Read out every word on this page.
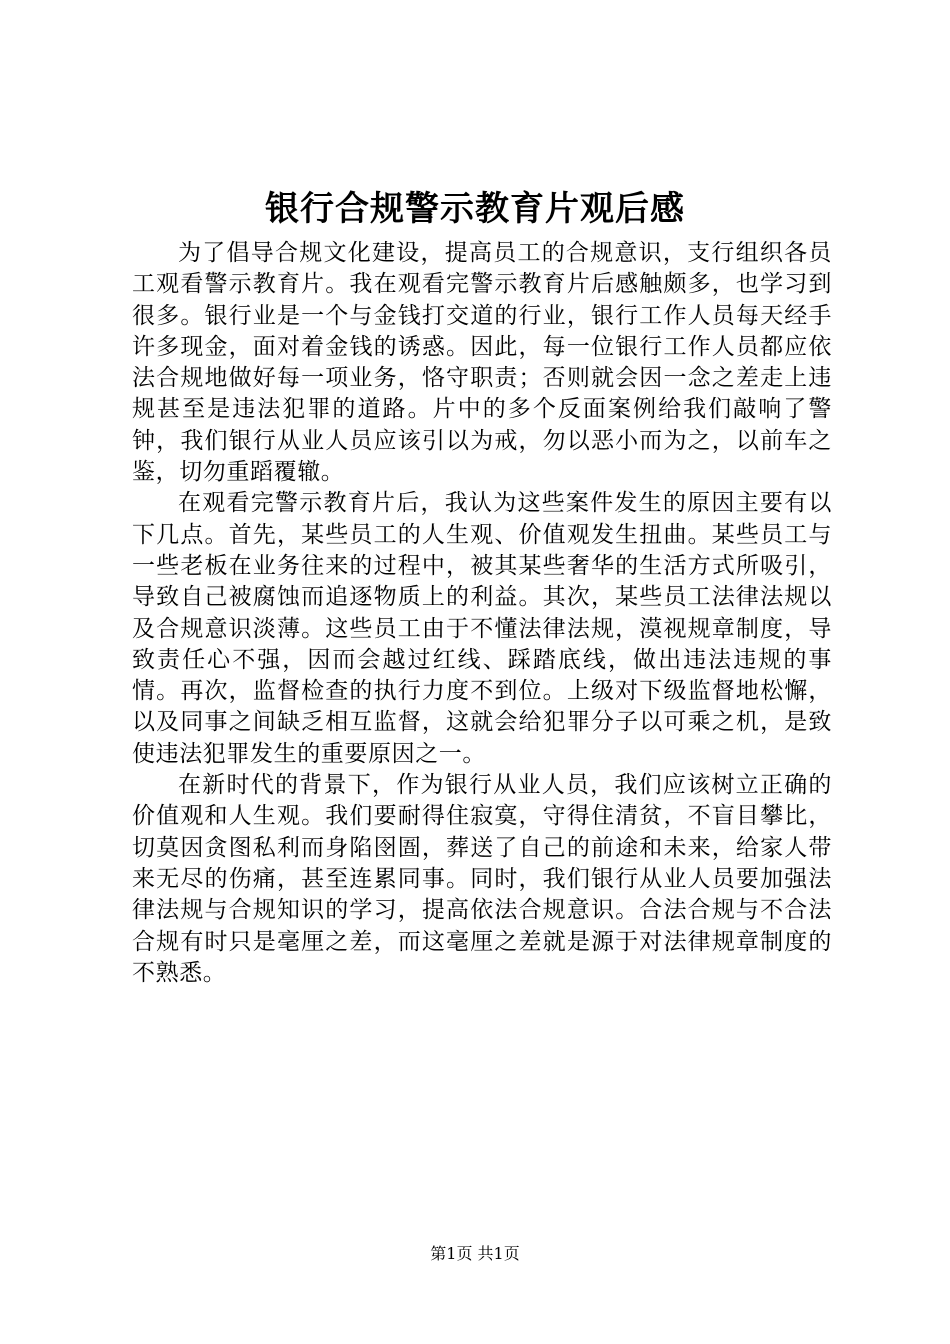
银行合规警示教育片观后感

为了倡导合规文化建设，提高员工的合规意识，支行组织各员工观看警示教育片。我在观看完警示教育片后感触颇多，也学习到很多。银行业是一个与金钱打交道的行业，银行工作人员每天经手许多现金，面对着金钱的诱惑。因此，每一位银行工作人员都应依法合规地做好每一项业务，恪守职责；否则就会因一念之差走上违规甚至是违法犯罪的道路。片中的多个反面案例给我们敲响了警钟，我们银行从业人员应该引以为戒，勿以恶小而为之，以前车之鉴，切勿重蹈覆辙。

在观看完警示教育片后，我认为这些案件发生的原因主要有以下几点。首先，某些员工的人生观、价值观发生扭曲。某些员工与一些老板在业务往来的过程中，被其某些奢华的生活方式所吸引，导致自己被腐蚀而追逐物质上的利益。其次，某些员工法律法规以及合规意识淡薄。这些员工由于不懂法律法规，漠视规章制度，导致责任心不强，因而会越过红线、踩踏底线，做出违法违规的事情。再次，监督检查的执行力度不到位。上级对下级监督地松懈，以及同事之间缺乏相互监督，这就会给犯罪分子以可乘之机，是致使违法犯罪发生的重要原因之一。

在新时代的背景下，作为银行从业人员，我们应该树立正确的价值观和人生观。我们要耐得住寂寞，守得住清贫，不盲目攀比，切莫因贪图私利而身陷囹圄，葬送了自己的前途和未来，给家人带来无尽的伤痛，甚至连累同事。同时，我们银行从业人员要加强法律法规与合规知识的学习，提高依法合规意识。合法合规与不合法合规有时只是毫厘之差，而这毫厘之差就是源于对法律规章制度的不熟悉。

第1页 共1页
